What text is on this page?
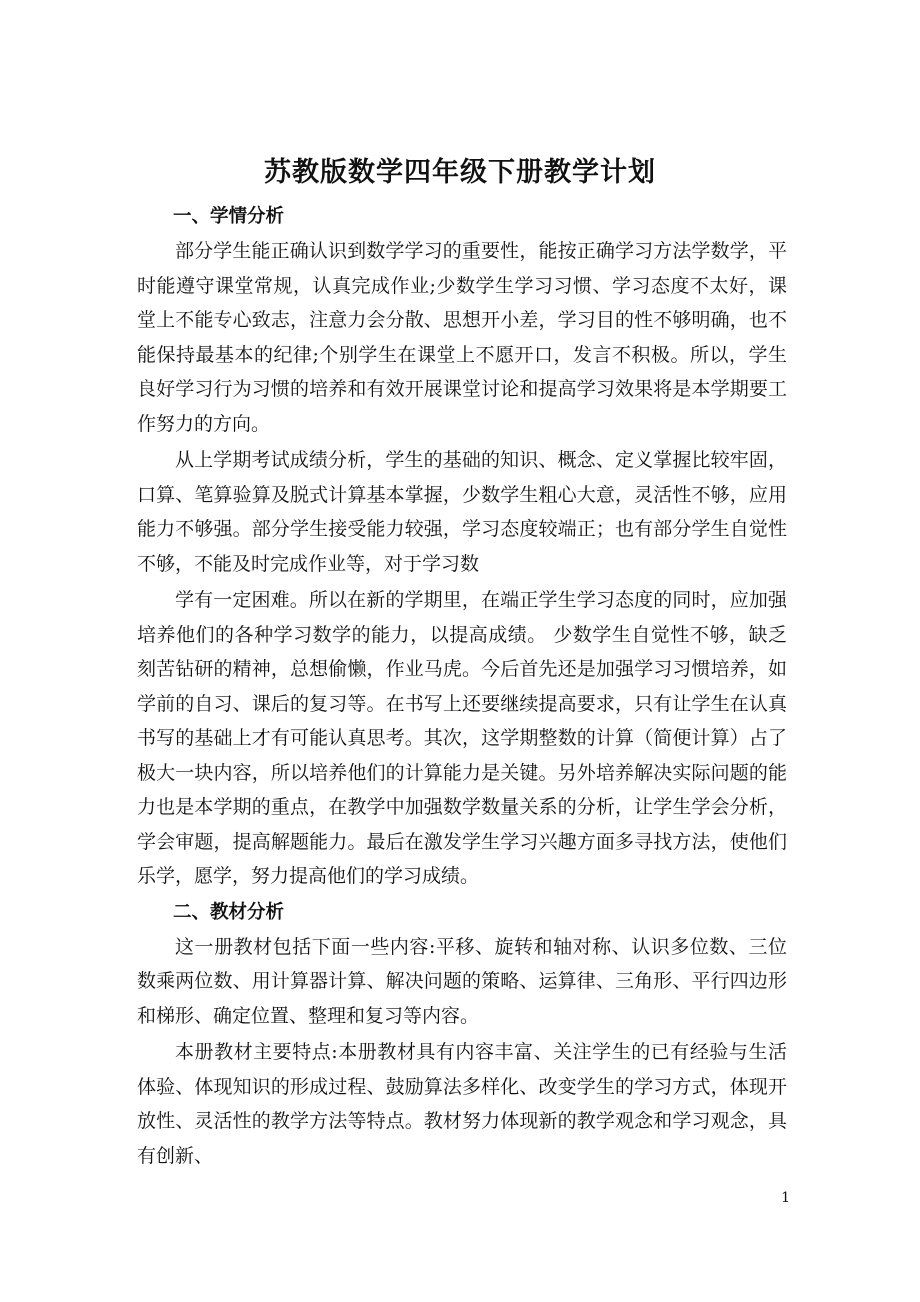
苏教版数学四年级下册教学计划
一、学情分析

部分学生能正确认识到数学学习的重要性，能按正确学习方法学数学，平时能遵守课堂常规，认真完成作业;少数学生学习习惯、学习态度不太好，课堂上不能专心致志，注意力会分散、思想开小差，学习目的性不够明确，也不能保持最基本的纪律;个别学生在课堂上不愿开口，发言不积极。所以，学生良好学习行为习惯的培养和有效开展课堂讨论和提高学习效果将是本学期要工作努力的方向。

从上学期考试成绩分析，学生的基础的知识、概念、定义掌握比较牢固，口算、笔算验算及脱式计算基本掌握，少数学生粗心大意，灵活性不够，应用能力不够强。部分学生接受能力较强，学习态度较端正；也有部分学生自觉性不够，不能及时完成作业等，对于学习数

学有一定困难。所以在新的学期里，在端正学生学习态度的同时，应加强培养他们的各种学习数学的能力，以提高成绩。 少数学生自觉性不够，缺乏刻苦钻研的精神，总想偷懒，作业马虎。今后首先还是加强学习习惯培养，如学前的自习、课后的复习等。在书写上还要继续提高要求，只有让学生在认真书写的基础上才有可能认真思考。其次，这学期整数的计算（简便计算）占了极大一块内容，所以培养他们的计算能力是关键。另外培养解决实际问题的能力也是本学期的重点，在教学中加强数学数量关系的分析，让学生学会分析，学会审题，提高解题能力。最后在激发学生学习兴趣方面多寻找方法，使他们乐学，愿学，努力提高他们的学习成绩。

二、教材分析

这一册教材包括下面一些内容:平移、旋转和轴对称、认识多位数、三位数乘两位数、用计算器计算、解决问题的策略、运算律、三角形、平行四边形和梯形、确定位置、整理和复习等内容。

本册教材主要特点:本册教材具有内容丰富、关注学生的已有经验与生活体验、体现知识的形成过程、鼓励算法多样化、改变学生的学习方式，体现开放性、灵活性的教学方法等特点。教材努力体现新的教学观念和学习观念，具有创新、

1
